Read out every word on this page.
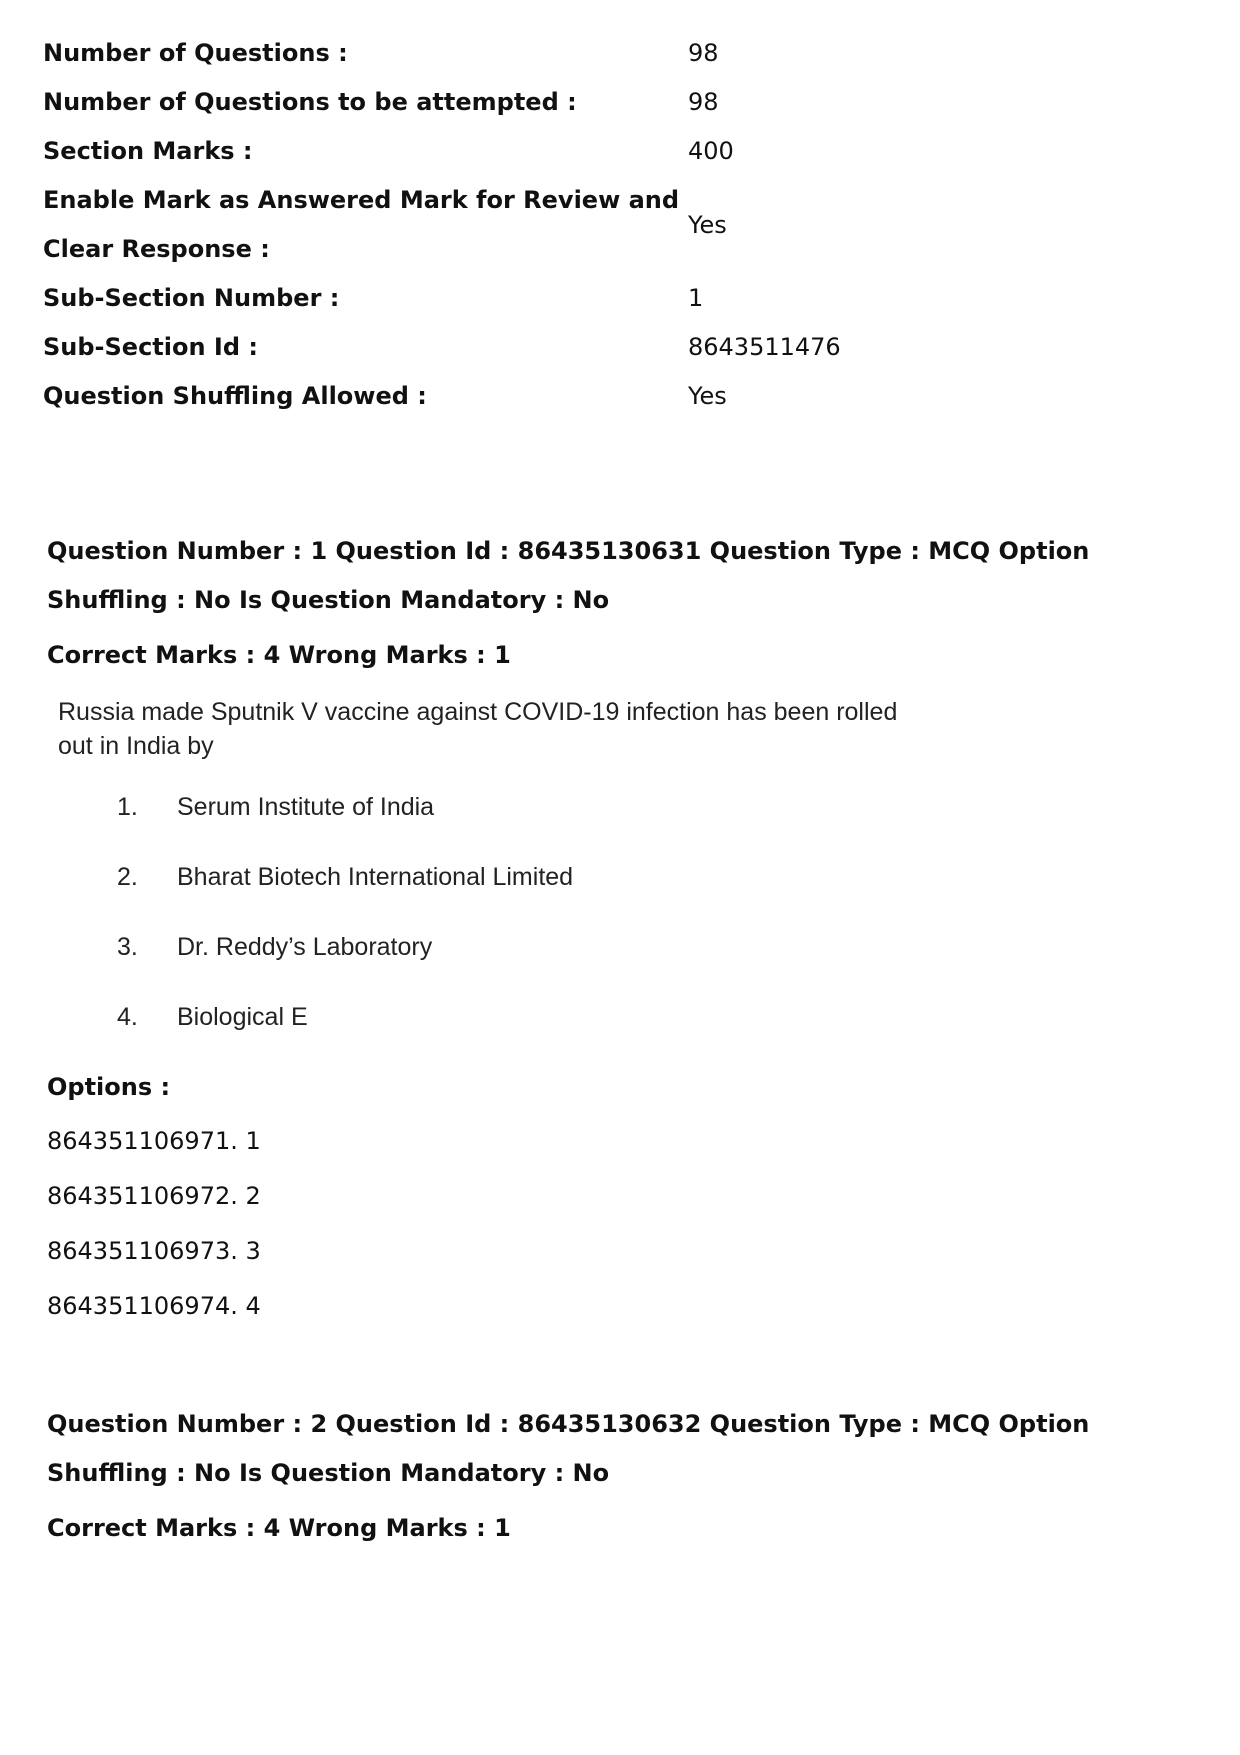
Number of Questions :	98
Number of Questions to be attempted :	98
Section Marks :	400
Enable Mark as Answered Mark for Review and Clear Response :
Yes
Sub-Section Number :	1
Sub-Section Id :	8643511476
Question Shuffling Allowed :	Yes
Question Number : 1 Question Id : 86435130631 Question Type : MCQ Option Shuffling : No Is Question Mandatory : No
Correct Marks : 4 Wrong Marks : 1
Russia made Sputnik V vaccine against COVID-19 infection has been rolled out in India by
1.	Serum Institute of India
2.	Bharat Biotech International Limited
3.	Dr. Reddy’s Laboratory
4.	Biological E
Options :
864351106971. 1
864351106972. 2
864351106973. 3
864351106974. 4
Question Number : 2 Question Id : 86435130632 Question Type : MCQ Option Shuffling : No Is Question Mandatory : No
Correct Marks : 4 Wrong Marks : 1
